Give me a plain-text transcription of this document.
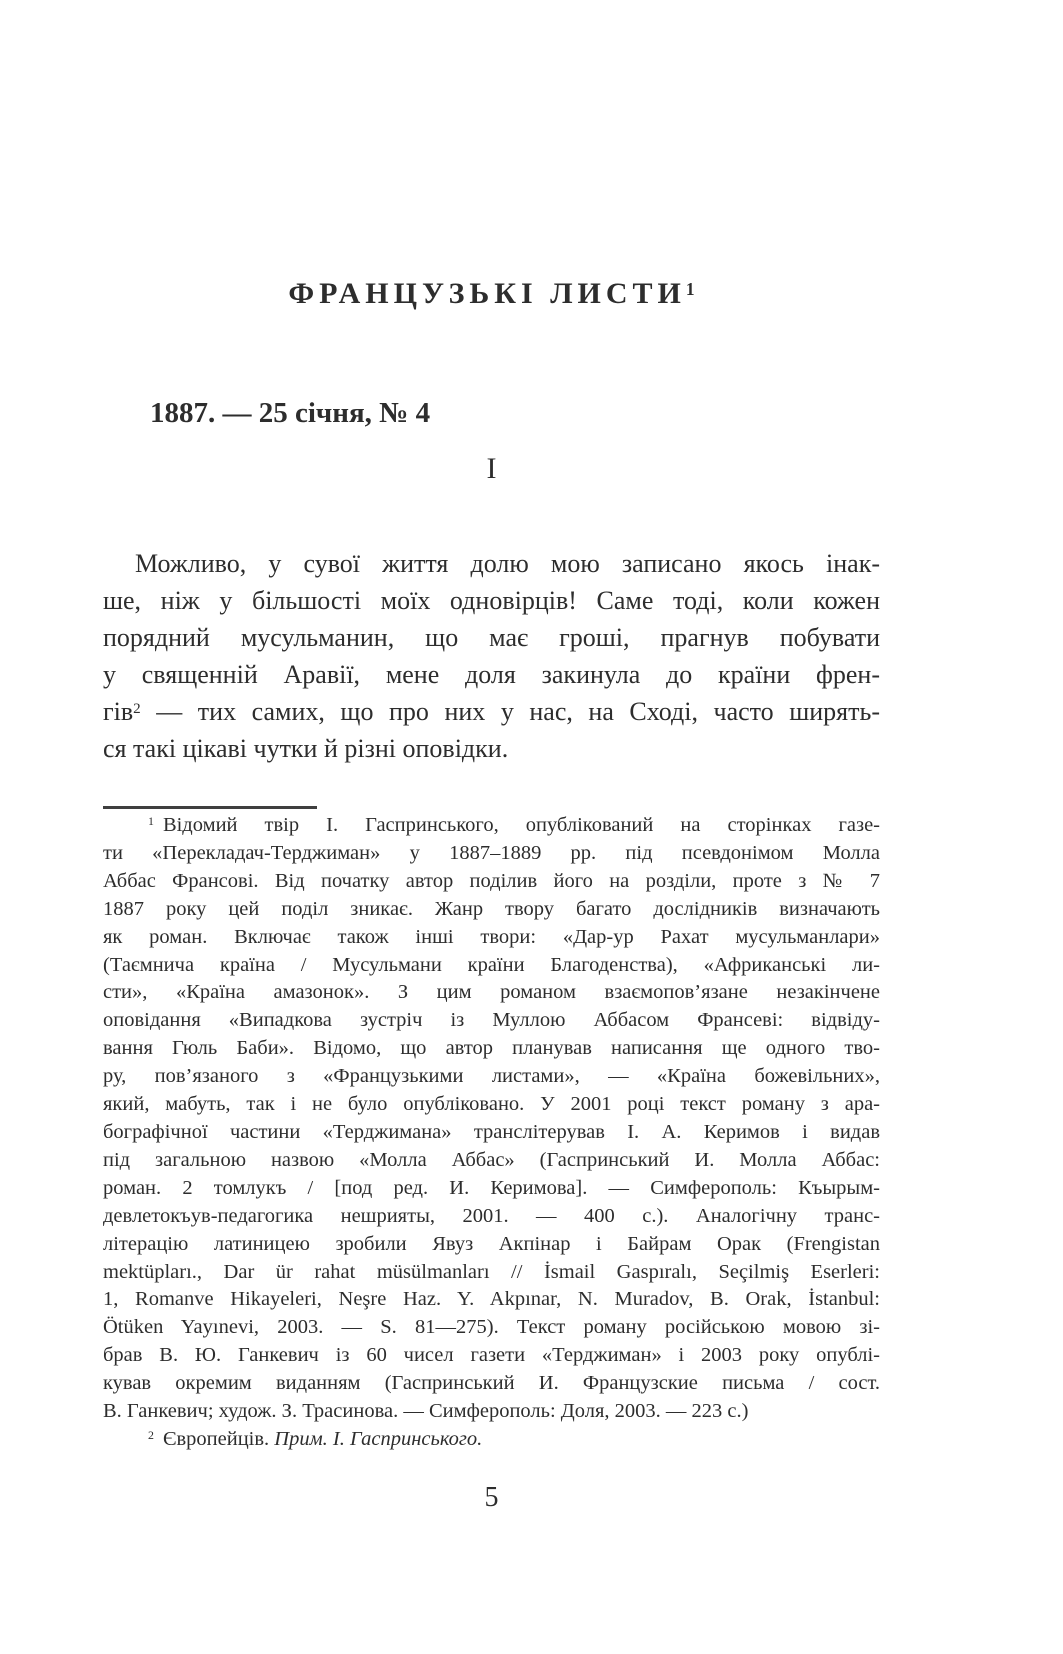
ФРАНЦУЗЬКІ ЛИСТИ$^1$
1887. — 25 січня, № 4
I
Можливо, у сувої життя долю мою записано якось інак-
ше, ніж у більшості моїх одновірців! Саме тоді, коли кожен
порядний мусульманин, що має гроші, прагнув побувати
у священній Аравії, мене доля закинула до країни френ-
гів$^2$ — тих самих, що про них у нас, на Сході, часто ширять-
ся такі цікаві чутки й різні оповідки.
$^1$ Відомий твір І. Гаспринського, опублікований на сторінках газе-
ти «Перекладач-Терджиман» у 1887–1889 рр. під псевдонімом Молла
Аббас Франсові. Від початку автор поділив його на розділи, проте з № 7
1887 року цей поділ зникає. Жанр твору багато дослідників визначають
як роман. Включає також інші твори: «Дар-ур Рахат мусульманлари»
(Таємнича країна / Мусульмани країни Благоденства), «Африканські ли-
сти», «Країна амазонок». З цим романом взаємопов’язане незакінчене
оповідання «Випадкова зустріч із Муллою Аббасом Франсеві: відвіду-
вання Гюль Баби». Відомо, що автор планував написання ще одного тво-
ру, пов’язаного з «Французькими листами», — «Країна божевільних»,
який, мабуть, так і не було опубліковано. У 2001 році текст роману з ара-
бографічної частини «Терджимана» транслітерував І. А. Керимов і видав
під загальною назвою «Молла Аббас» (Гаспринський И. Молла Аббас:
роман. 2 томлукъ / [под ред. И. Керимова]. — Симферополь: Къырым-
девлетокъув-педагогика нешрияты, 2001. — 400 с.). Аналогічну транс-
літерацію латиницею зробили Явуз Акпінар і Байрам Орак (Frengistan
mektüpları., Dar ür rahat müsülmanları // İsmail Gaspıralı, Seçilmiş Eserleri:
1, Romanve Hikayeleri, Neşre Haz. Y. Akpınar, N. Muradov, B. Orak, İstanbul:
Ötüken Yayınevi, 2003. — S. 81—275). Текст роману російською мовою зі-
брав В. Ю. Ганкевич із 60 чисел газети «Терджиман» і 2003 року опублі-
кував окремим виданням (Гаспринський И. Французские письма / сост.
В. Ганкевич; худож. З. Трасинова. — Симферополь: Доля, 2003. — 223 с.)
$^2$ Європейців. Прим. І. Гаспринського.
5
